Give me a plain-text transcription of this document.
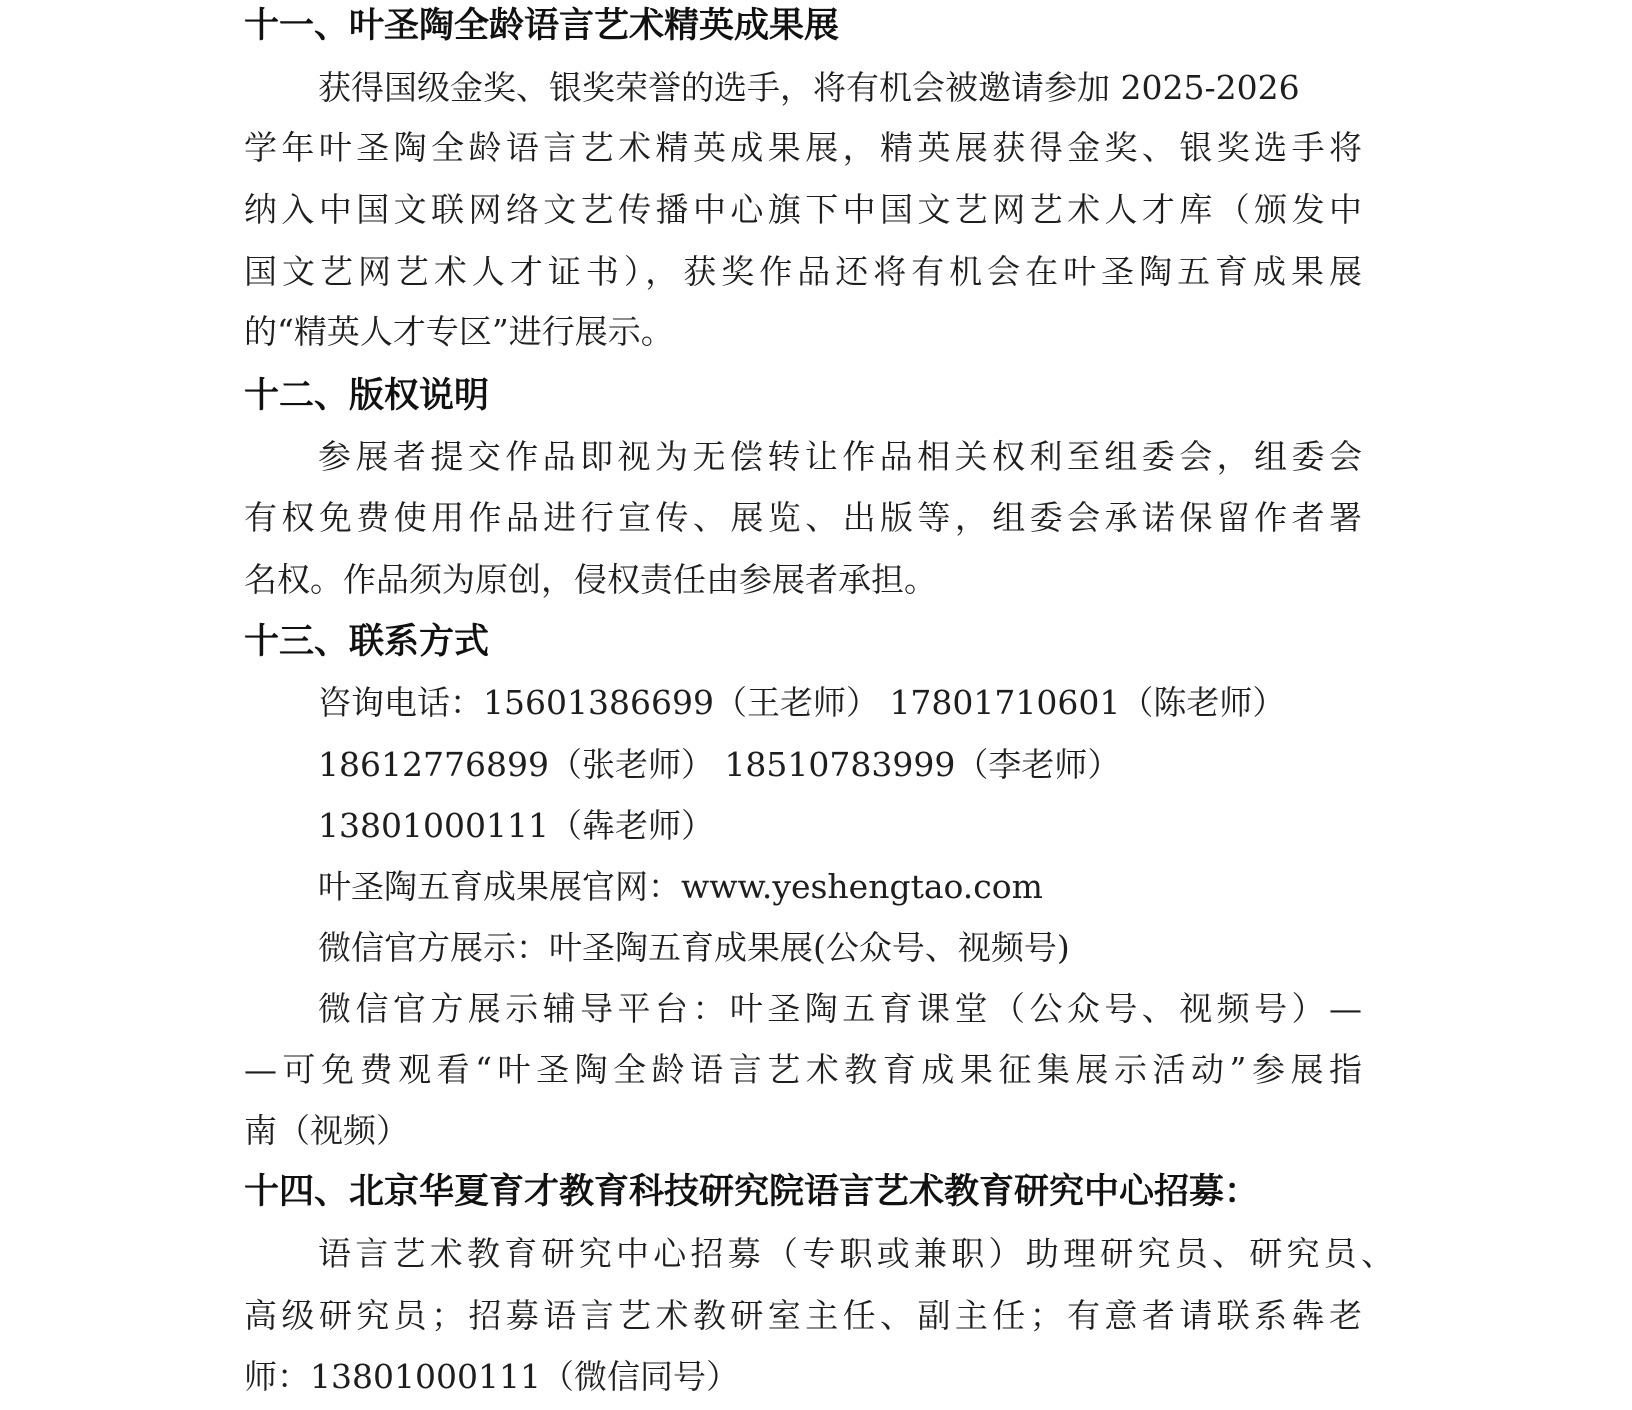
十一、叶圣陶全龄语言艺术精英成果展
获得国级金奖、银奖荣誉的选手，将有机会被邀请参加 2025-2026
学年叶圣陶全龄语言艺术精英成果展，精英展获得金奖、银奖选手将
纳入中国文联网络文艺传播中心旗下中国文艺网艺术人才库（颁发中
国文艺网艺术人才证书），获奖作品还将有机会在叶圣陶五育成果展
的“精英人才专区”进行展示。
十二、版权说明
参展者提交作品即视为无偿转让作品相关权利至组委会，组委会
有权免费使用作品进行宣传、展览、出版等，组委会承诺保留作者署
名权。作品须为原创，侵权责任由参展者承担。
十三、联系方式
咨询电话：15601386699（王老师） 17801710601（陈老师）
18612776899（张老师） 18510783999（李老师）
13801000111（犇老师）
叶圣陶五育成果展官网：www.yeshengtao.com
微信官方展示：叶圣陶五育成果展(公众号、视频号)
微信官方展示辅导平台：叶圣陶五育课堂（公众号、视频号）—
—可免费观看“叶圣陶全龄语言艺术教育成果征集展示活动”参展指
南（视频）
十四、北京华夏育才教育科技研究院语言艺术教育研究中心招募：
语言艺术教育研究中心招募（专职或兼职）助理研究员、研究员、
高级研究员；招募语言艺术教研室主任、副主任；有意者请联系犇老
师：13801000111（微信同号）
